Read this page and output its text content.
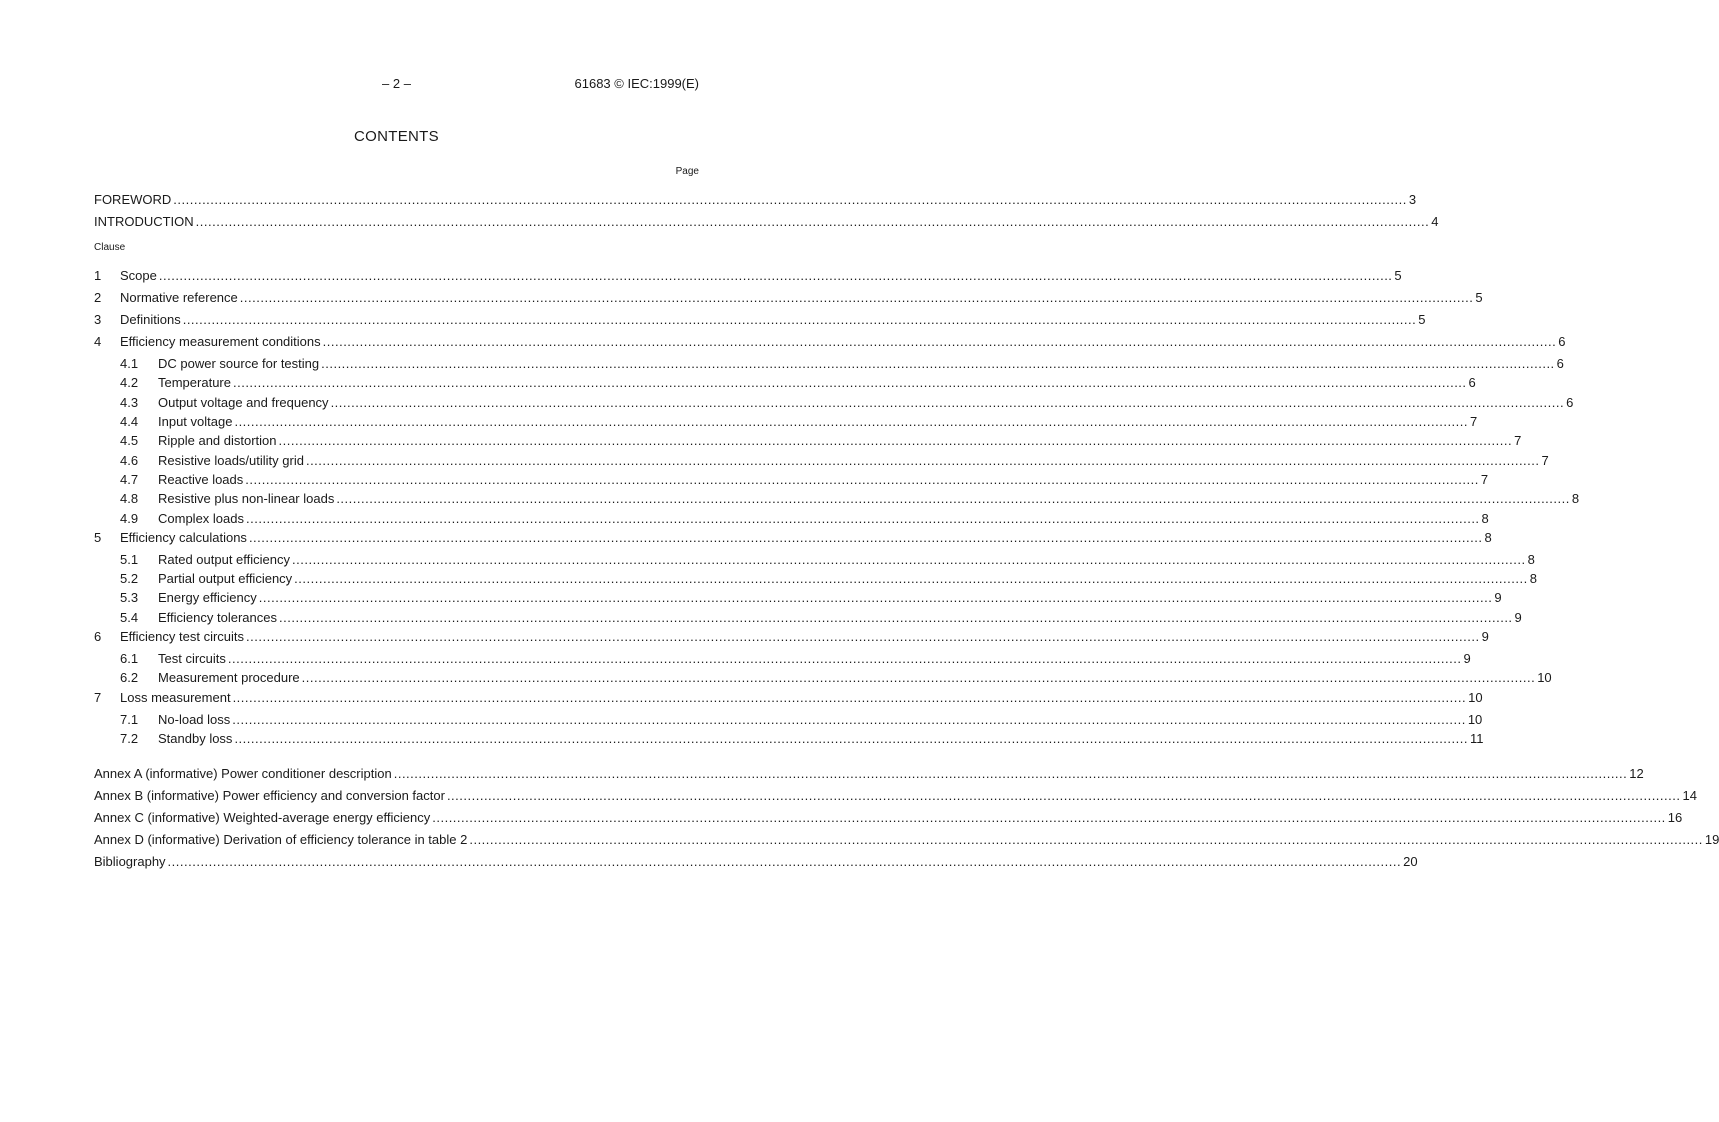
– 2 –	61683 © IEC:1999(E)
CONTENTS
Page
FOREWORD ............................................................................................................................................................................................................................................................................................................ 3
INTRODUCTION ............................................................................................................................................................................................................................................................................................................ 4
Clause
1	Scope ............................................................................................................................................................................................................................................................................................................ 5
2	Normative reference ............................................................................................................................................................................................................................................................................................................ 5
3	Definitions ............................................................................................................................................................................................................................................................................................................ 5
4	Efficiency measurement conditions ............................................................................................................................................................................................................................................................................................................ 6
4.1	DC power source for testing ............................................................................................................................................................................................................................................................................................................ 6
4.2	Temperature ............................................................................................................................................................................................................................................................................................................ 6
4.3	Output voltage and frequency ............................................................................................................................................................................................................................................................................................................ 6
4.4	Input voltage ............................................................................................................................................................................................................................................................................................................ 7
4.5	Ripple and distortion ............................................................................................................................................................................................................................................................................................................ 7
4.6	Resistive loads/utility grid ............................................................................................................................................................................................................................................................................................................ 7
4.7	Reactive loads ............................................................................................................................................................................................................................................................................................................ 7
4.8	Resistive plus non-linear loads ............................................................................................................................................................................................................................................................................................................ 8
4.9	Complex loads ............................................................................................................................................................................................................................................................................................................ 8
5	Efficiency calculations ............................................................................................................................................................................................................................................................................................................ 8
5.1	Rated output efficiency ............................................................................................................................................................................................................................................................................................................ 8
5.2	Partial output efficiency ............................................................................................................................................................................................................................................................................................................ 8
5.3	Energy efficiency ............................................................................................................................................................................................................................................................................................................ 9
5.4	Efficiency tolerances ............................................................................................................................................................................................................................................................................................................ 9
6	Efficiency test circuits ............................................................................................................................................................................................................................................................................................................ 9
6.1	Test circuits ............................................................................................................................................................................................................................................................................................................ 9
6.2	Measurement procedure ............................................................................................................................................................................................................................................................................................................ 10
7	Loss measurement ............................................................................................................................................................................................................................................................................................................ 10
7.1	No-load loss ............................................................................................................................................................................................................................................................................................................ 10
7.2	Standby loss ............................................................................................................................................................................................................................................................................................................ 11
Annex A (informative) Power conditioner description ............................................................................................................................................................................................................................................................................................................ 12
Annex B (informative) Power efficiency and conversion factor ............................................................................................................................................................................................................................................................................................................ 14
Annex C (informative) Weighted-average energy efficiency ............................................................................................................................................................................................................................................................................................................ 16
Annex D (informative) Derivation of efficiency tolerance in table 2 ............................................................................................................................................................................................................................................................................................................ 19
Bibliography ............................................................................................................................................................................................................................................................................................................ 20
